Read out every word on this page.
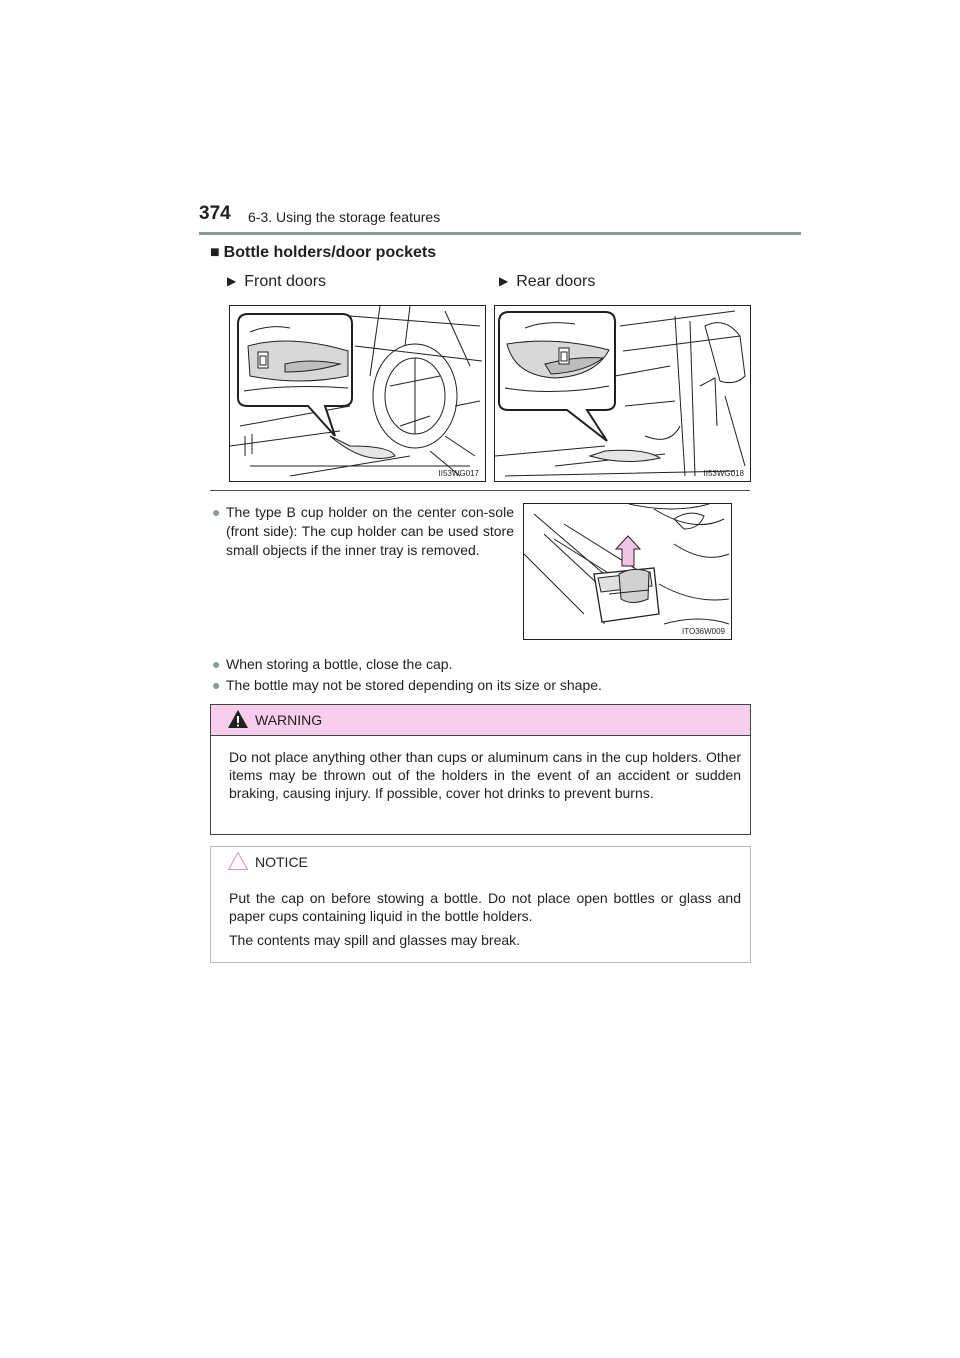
374 6-3. Using the storage features
■ Bottle holders/door pockets
▶ Front doors	▶ Rear doors
II53WG017	II53WG018
● The type B cup holder on the center con-sole (front side): The cup holder can be used store small objects if the inner tray is removed.
ITO36W009
● When storing a bottle, close the cap.
● The bottle may not be stored depending on its size or shape.
WARNING
Do not place anything other than cups or aluminum cans in the cup holders. Other items may be thrown out of the holders in the event of an accident or sudden braking, causing injury. If possible, cover hot drinks to prevent burns.
NOTICE

Put the cap on before stowing a bottle. Do not place open bottles or glass and paper cups containing liquid in the bottle holders.

The contents may spill and glasses may break.
